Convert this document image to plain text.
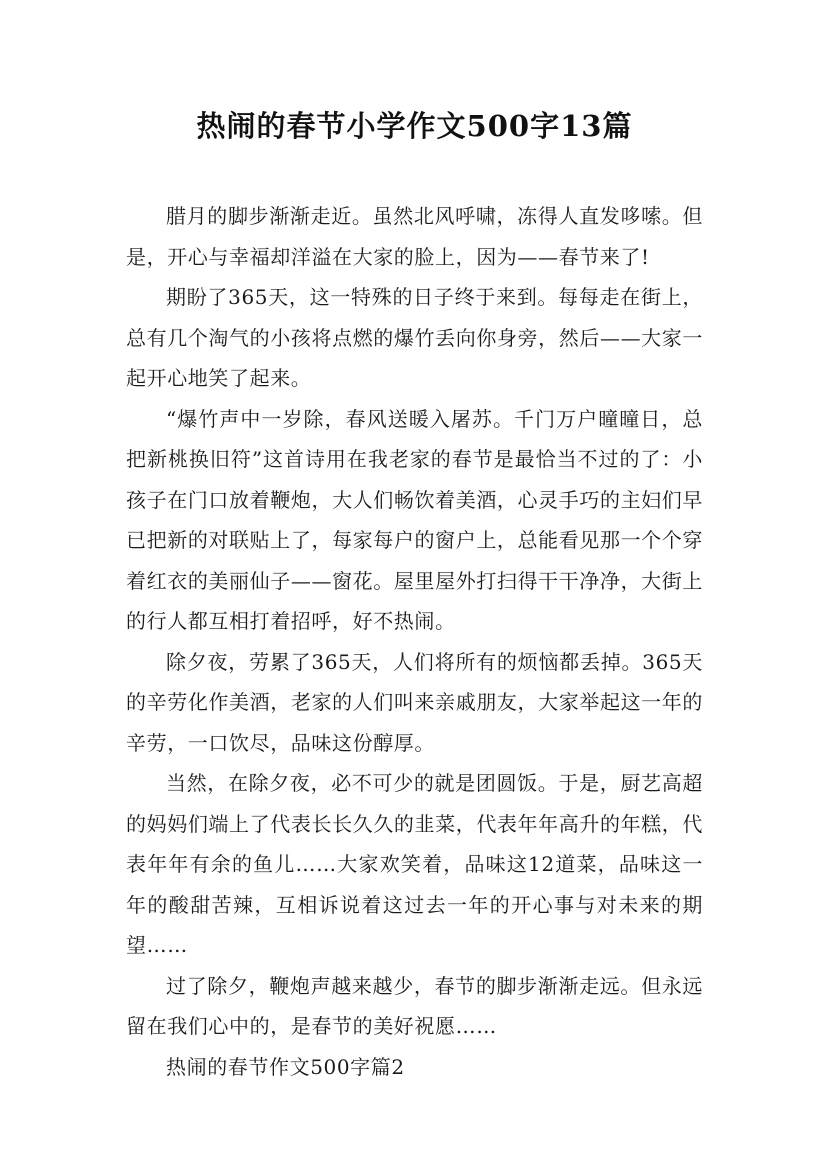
热闹的春节小学作文500字13篇

腊月的脚步渐渐走近。虽然北风呼啸，冻得人直发哆嗦。但是，开心与幸福却洋溢在大家的脸上，因为——春节来了!

期盼了365天，这一特殊的日子终于来到。每每走在街上，总有几个淘气的小孩将点燃的爆竹丢向你身旁，然后——大家一起开心地笑了起来。

“爆竹声中一岁除，春风送暖入屠苏。千门万户曈曈日，总把新桃换旧符”这首诗用在我老家的春节是最恰当不过的了：小孩子在门口放着鞭炮，大人们畅饮着美酒，心灵手巧的主妇们早已把新的对联贴上了，每家每户的窗户上，总能看见那一个个穿着红衣的美丽仙子——窗花。屋里屋外打扫得干干净净，大街上的行人都互相打着招呼，好不热闹。

除夕夜，劳累了365天，人们将所有的烦恼都丢掉。365天的辛劳化作美酒，老家的人们叫来亲戚朋友，大家举起这一年的辛劳，一口饮尽，品味这份醇厚。

当然，在除夕夜，必不可少的就是团圆饭。于是，厨艺高超的妈妈们端上了代表长长久久的韭菜，代表年年高升的年糕，代表年年有余的鱼儿……大家欢笑着，品味这12道菜，品味这一年的酸甜苦辣，互相诉说着这过去一年的开心事与对未来的期望……

过了除夕，鞭炮声越来越少，春节的脚步渐渐走远。但永远留在我们心中的，是春节的美好祝愿……

热闹的春节作文500字篇2
